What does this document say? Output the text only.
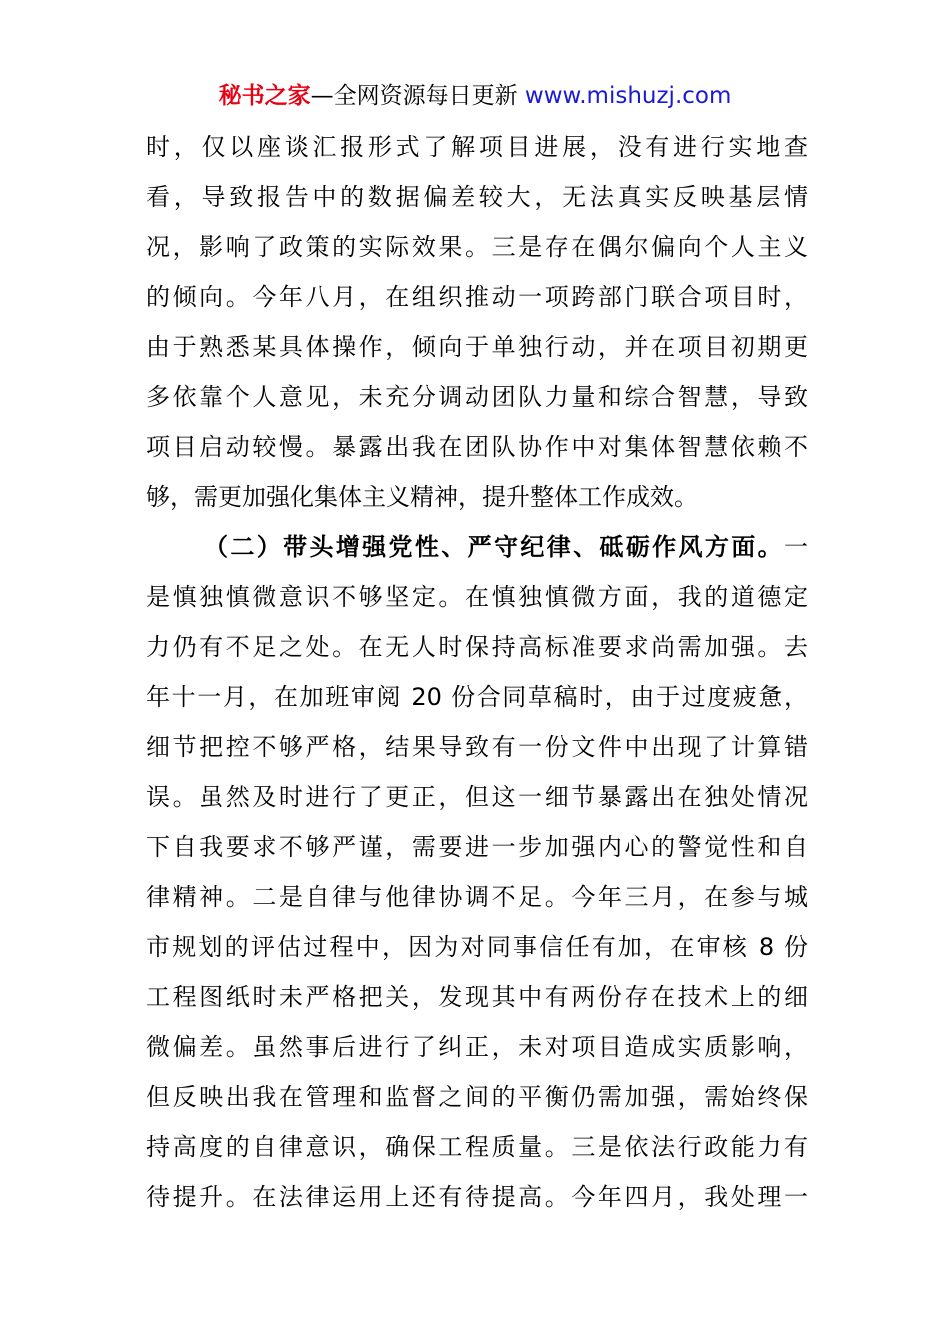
秘书之家—全网资源每日更新 www.mishuzj.com
时，仅以座谈汇报形式了解项目进展，没有进行实地查
看，导致报告中的数据偏差较大，无法真实反映基层情
况，影响了政策的实际效果。三是存在偶尔偏向个人主义
的倾向。今年八月，在组织推动一项跨部门联合项目时，
由于熟悉某具体操作，倾向于单独行动，并在项目初期更
多依靠个人意见，未充分调动团队力量和综合智慧，导致
项目启动较慢。暴露出我在团队协作中对集体智慧依赖不
够，需更加强化集体主义精神，提升整体工作成效。
（二）带头增强党性、严守纪律、砥砺作风方面。一
是慎独慎微意识不够坚定。在慎独慎微方面，我的道德定
力仍有不足之处。在无人时保持高标准要求尚需加强。去
年十一月，在加班审阅 20 份合同草稿时，由于过度疲惫，
细节把控不够严格，结果导致有一份文件中出现了计算错
误。虽然及时进行了更正，但这一细节暴露出在独处情况
下自我要求不够严谨，需要进一步加强内心的警觉性和自
律精神。二是自律与他律协调不足。今年三月，在参与城
市规划的评估过程中，因为对同事信任有加，在审核 8 份
工程图纸时未严格把关，发现其中有两份存在技术上的细
微偏差。虽然事后进行了纠正，未对项目造成实质影响，
但反映出我在管理和监督之间的平衡仍需加强，需始终保
持高度的自律意识，确保工程质量。三是依法行政能力有
待提升。在法律运用上还有待提高。今年四月，我处理一
